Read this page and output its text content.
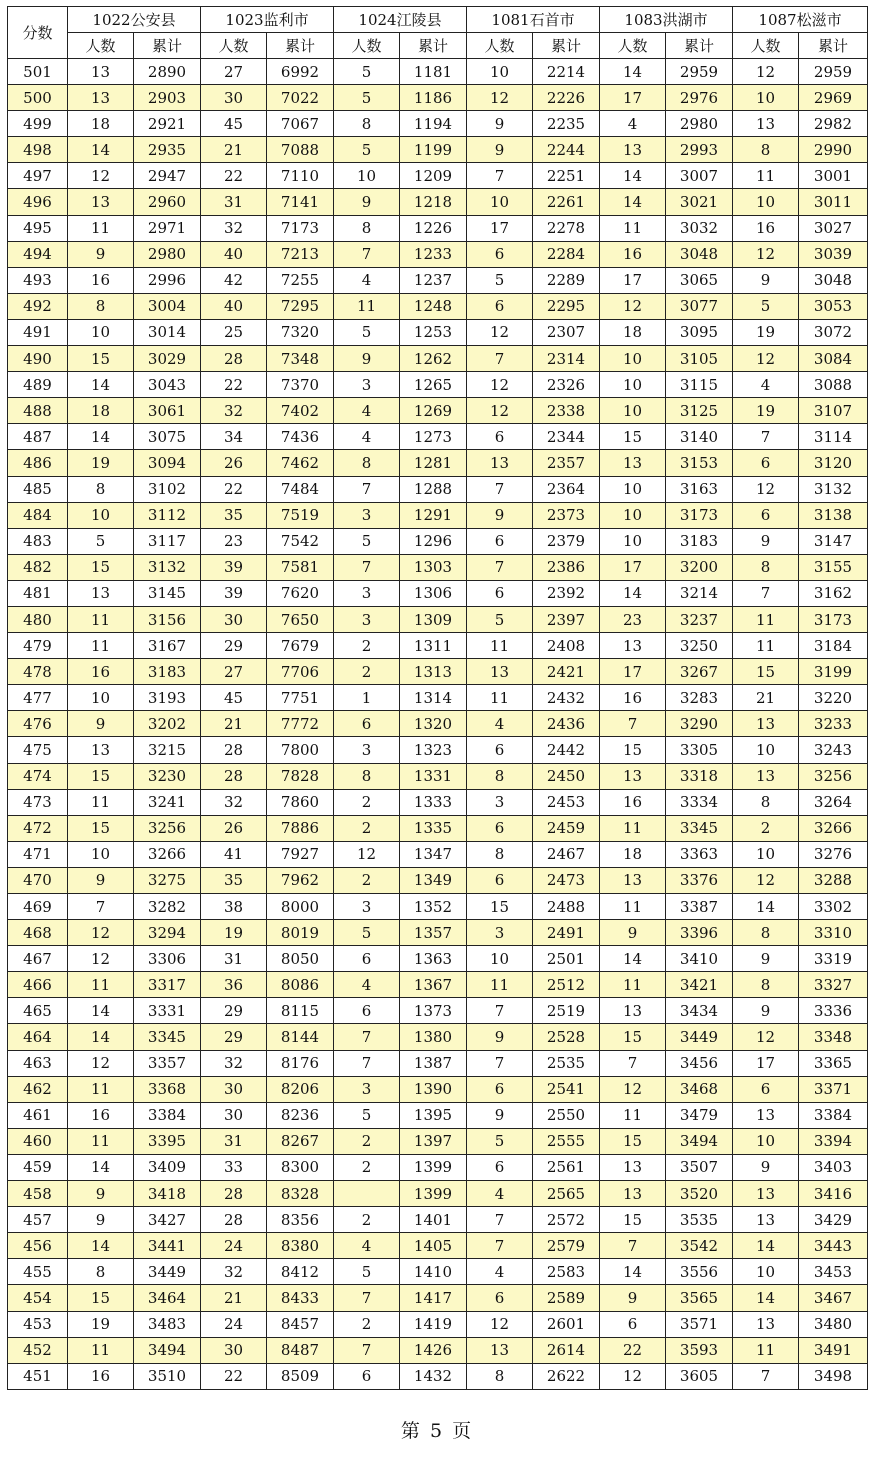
分数	1022公安县		1023监利市		1024江陵县		1081石首市		1083洪湖市		1087松滋市	
	人数	累计	人数	累计	人数	累计	人数	累计	人数	累计	人数	累计
501	13	2890	27	6992	5	1181	10	2214	14	2959	12	2959
500	13	2903	30	7022	5	1186	12	2226	17	2976	10	2969
499	18	2921	45	7067	8	1194	9	2235	4	2980	13	2982
498	14	2935	21	7088	5	1199	9	2244	13	2993	8	2990
497	12	2947	22	7110	10	1209	7	2251	14	3007	11	3001
496	13	2960	31	7141	9	1218	10	2261	14	3021	10	3011
495	11	2971	32	7173	8	1226	17	2278	11	3032	16	3027
494	9	2980	40	7213	7	1233	6	2284	16	3048	12	3039
493	16	2996	42	7255	4	1237	5	2289	17	3065	9	3048
492	8	3004	40	7295	11	1248	6	2295	12	3077	5	3053
491	10	3014	25	7320	5	1253	12	2307	18	3095	19	3072
490	15	3029	28	7348	9	1262	7	2314	10	3105	12	3084
489	14	3043	22	7370	3	1265	12	2326	10	3115	4	3088
488	18	3061	32	7402	4	1269	12	2338	10	3125	19	3107
487	14	3075	34	7436	4	1273	6	2344	15	3140	7	3114
486	19	3094	26	7462	8	1281	13	2357	13	3153	6	3120
485	8	3102	22	7484	7	1288	7	2364	10	3163	12	3132
484	10	3112	35	7519	3	1291	9	2373	10	3173	6	3138
483	5	3117	23	7542	5	1296	6	2379	10	3183	9	3147
482	15	3132	39	7581	7	1303	7	2386	17	3200	8	3155
481	13	3145	39	7620	3	1306	6	2392	14	3214	7	3162
480	11	3156	30	7650	3	1309	5	2397	23	3237	11	3173
479	11	3167	29	7679	2	1311	11	2408	13	3250	11	3184
478	16	3183	27	7706	2	1313	13	2421	17	3267	15	3199
477	10	3193	45	7751	1	1314	11	2432	16	3283	21	3220
476	9	3202	21	7772	6	1320	4	2436	7	3290	13	3233
475	13	3215	28	7800	3	1323	6	2442	15	3305	10	3243
474	15	3230	28	7828	8	1331	8	2450	13	3318	13	3256
473	11	3241	32	7860	2	1333	3	2453	16	3334	8	3264
472	15	3256	26	7886	2	1335	6	2459	11	3345	2	3266
471	10	3266	41	7927	12	1347	8	2467	18	3363	10	3276
470	9	3275	35	7962	2	1349	6	2473	13	3376	12	3288
469	7	3282	38	8000	3	1352	15	2488	11	3387	14	3302
468	12	3294	19	8019	5	1357	3	2491	9	3396	8	3310
467	12	3306	31	8050	6	1363	10	2501	14	3410	9	3319
466	11	3317	36	8086	4	1367	11	2512	11	3421	8	3327
465	14	3331	29	8115	6	1373	7	2519	13	3434	9	3336
464	14	3345	29	8144	7	1380	9	2528	15	3449	12	3348
463	12	3357	32	8176	7	1387	7	2535	7	3456	17	3365
462	11	3368	30	8206	3	1390	6	2541	12	3468	6	3371
461	16	3384	30	8236	5	1395	9	2550	11	3479	13	3384
460	11	3395	31	8267	2	1397	5	2555	15	3494	10	3394
459	14	3409	33	8300	2	1399	6	2561	13	3507	9	3403
458	9	3418	28	8328		1399	4	2565	13	3520	13	3416
457	9	3427	28	8356	2	1401	7	2572	15	3535	13	3429
456	14	3441	24	8380	4	1405	7	2579	7	3542	14	3443
455	8	3449	32	8412	5	1410	4	2583	14	3556	10	3453
454	15	3464	21	8433	7	1417	6	2589	9	3565	14	3467
453	19	3483	24	8457	2	1419	12	2601	6	3571	13	3480
452	11	3494	30	8487	7	1426	13	2614	22	3593	11	3491
451	16	3510	22	8509	6	1432	8	2622	12	3605	7	3498
第 5 页
